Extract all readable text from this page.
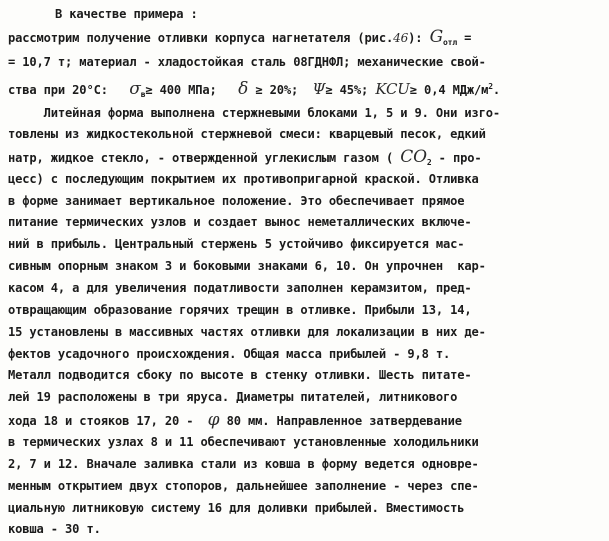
В качестве примера :
рассмотрим получение отливки корпуса нагнетателя (рис.46): $G_{отл}$ =
= 10,7 т; материал - хладостойкая сталь 08ГДНФЛ; механические свой-
ства при 20°C:   $\sigma_в\ge 400$ МПа;   δ ≥ 20%;  Ψ≥ 45%; KCU≥ 0,4 МДж/$м^2$.
Литейная форма выполнена стержневыми блоками 1, 5 и 9. Они изго-
товлены из жидкостекольной стержневой смеси: кварцевый песок, едкий
натр, жидкое стекло, - отвержденной углекислым газом ( $CO_2 - про-$
цесс) с последующим покрытием их противопригарной краской. Отливка
в форме занимает вертикальное положение. Это обеспечивает прямое
питание термических узлов и создает вынос неметаллических включе-
ний в прибыль. Центральный стержень 5 устойчиво фиксируется мас-
сивным опорным знаком 3 и боковыми знаками 6, 10. Он упрочнен  кар-
касом 4, а для увеличения податливости заполнен керамзитом, пред-
отвращающим образование горячих трещин в отливке. Прибыли 13, 14,
15 установлены в массивных частях отливки для локализации в них де-
фектов усадочного происхождения. Общая масса прибылей - 9,8 т.
Металл подводится сбоку по высоте в стенку отливки. Шесть питате-
лей 19 расположены в три яруса. Диаметры питателей, литникового
хода 18 и стояков 17, 20 -  φ 80 мм. Направленное затвердевание
в термических узлах 8 и 11 обеспечивают установленные холодильники
2, 7 и 12. Вначале заливка стали из ковша в форму ведется одновре-
менным открытием двух стопоров, дальнейшее заполнение - через спе-
циальную литниковую систему 16 для доливки прибылей. Вместимость
ковша - 30 т.
